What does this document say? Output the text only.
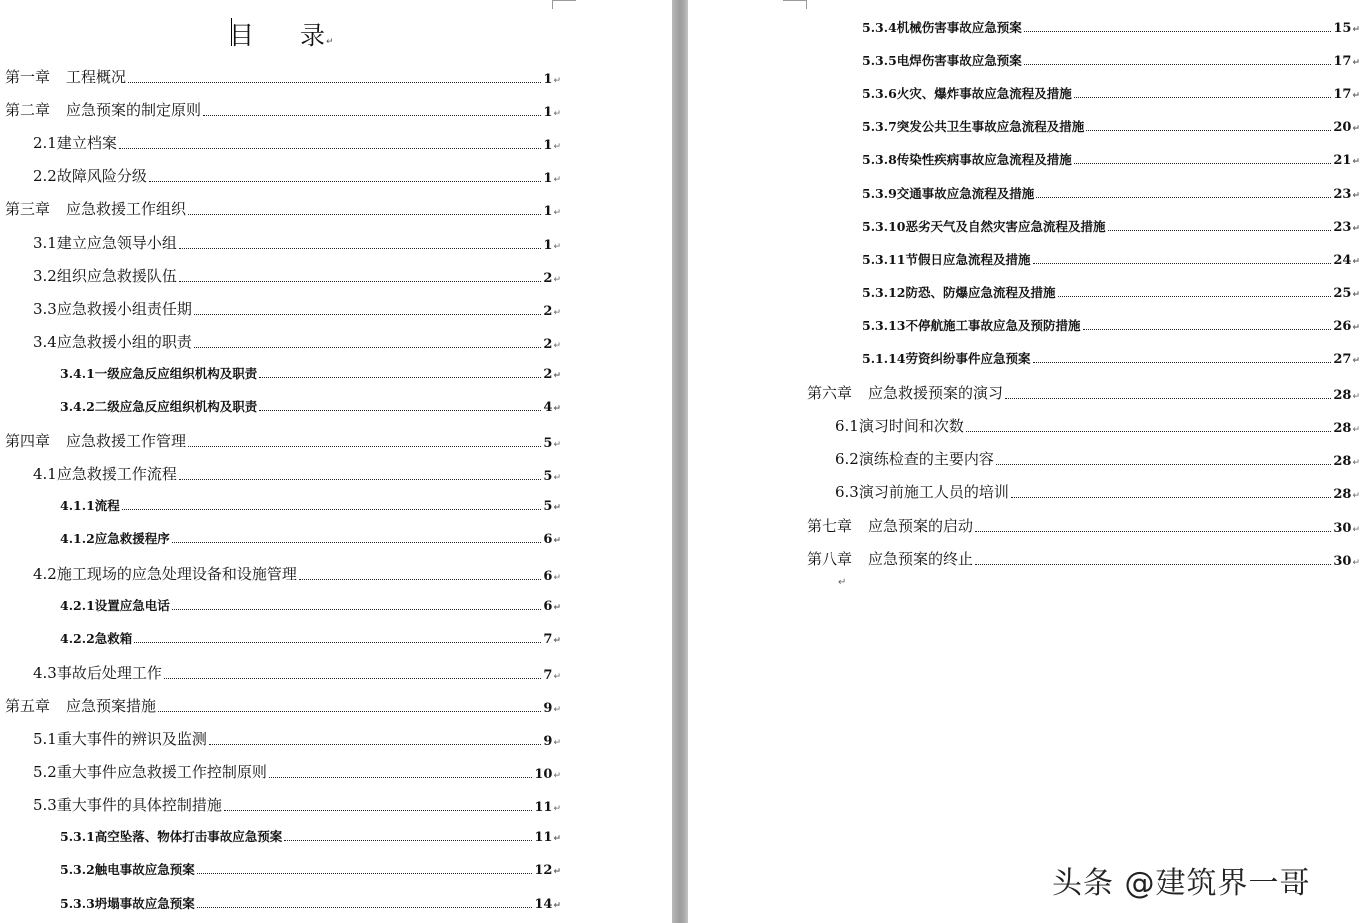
目 录↵
第一章 工程概况	1 ↵
第二章 应急预案的制定原则	1 ↵
2.1建立档案	1 ↵
2.2故障风险分级	1 ↵
第三章 应急救援工作组织	1 ↵
3.1建立应急领导小组	1 ↵
3.2组织应急救援队伍	2 ↵
3.3应急救援小组责任期	2 ↵
3.4应急救援小组的职责	2 ↵
3.4.1一级应急反应组织机构及职责	2 ↵
3.4.2二级应急反应组织机构及职责	4 ↵
第四章 应急救援工作管理	5 ↵
4.1应急救援工作流程	5 ↵
4.1.1流程	5 ↵
4.1.2应急救援程序	6 ↵
4.2施工现场的应急处理设备和设施管理	6 ↵
4.2.1设置应急电话	6 ↵
4.2.2急救箱	7 ↵
4.3事故后处理工作	7 ↵
第五章 应急预案措施	9 ↵
5.1重大事件的辨识及监测	9 ↵
5.2重大事件应急救援工作控制原则	10 ↵
5.3重大事件的具体控制措施	11 ↵
5.3.1高空坠落、物体打击事故应急预案	11 ↵
5.3.2触电事故应急预案	12 ↵
5.3.3坍塌事故应急预案	14 ↵
5.3.4机械伤害事故应急预案	15 ↵
5.3.5电焊伤害事故应急预案	17 ↵
5.3.6火灾、爆炸事故应急流程及措施	17 ↵
5.3.7突发公共卫生事故应急流程及措施	20 ↵
5.3.8传染性疾病事故应急流程及措施	21 ↵
5.3.9交通事故应急流程及措施	23 ↵
5.3.10恶劣天气及自然灾害应急流程及措施	23 ↵
5.3.11节假日应急流程及措施	24 ↵
5.3.12防恐、防爆应急流程及措施	25 ↵
5.3.13不停航施工事故应急及预防措施	26 ↵
5.1.14劳资纠纷事件应急预案	27 ↵
第六章 应急救援预案的演习	28 ↵
6.1演习时间和次数	28 ↵
6.2演练检查的主要内容	28 ↵
6.3演习前施工人员的培训	28 ↵
第七章 应急预案的启动	30 ↵
第八章 应急预案的终止	30 ↵
↵
头条 @建筑界一哥
